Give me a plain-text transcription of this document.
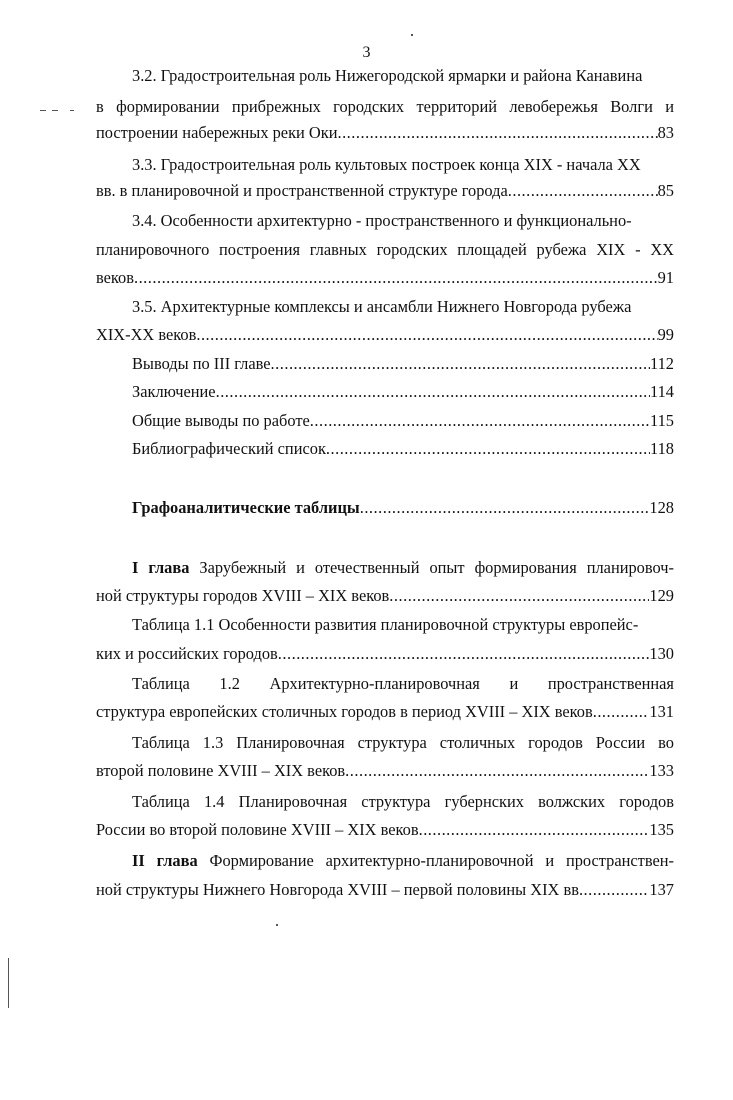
3
3.2. Градостроительная роль Нижегородской ярмарки и района Канавина
в формировании прибрежных городских территорий левобережья Волги и
построении набережных реки Оки .....	83
3.3. Градостроительная роль культовых построек конца XIX - начала XX
вв. в планировочной и пространственной структуре города .....	85
3.4. Особенности архитектурно - пространственного и функционально-
планировочного построения главных городских площадей рубежа XIX - XX
веков .....	91
3.5. Архитектурные комплексы и ансамбли Нижнего Новгорода рубежа
XIX-XX веков .....	99
Выводы по III главе .....	112
Заключение .....	114
Общие выводы по работе .....	115
Библиографический список .....	118
Графоаналитические таблицы .....	128
I глава Зарубежный и отечественный опыт формирования планировоч-
ной структуры городов XVIII – XIX веков .....	129
Таблица 1.1 Особенности развития планировочной структуры европейс-
ких и российских городов .....	130
Таблица 1.2 Архитектурно-планировочная и пространственная
структура европейских столичных городов в период XVIII – XIX веков .....	131
Таблица 1.3 Планировочная структура столичных городов России во
второй половине XVIII – XIX веков .....	133
Таблица 1.4 Планировочная структура губернских волжских городов
России во второй половине XVIII – XIX веков .....	135
II глава Формирование архитектурно-планировочной и пространствен-
ной структуры Нижнего Новгорода XVIII – первой половины XIX вв .....	137
